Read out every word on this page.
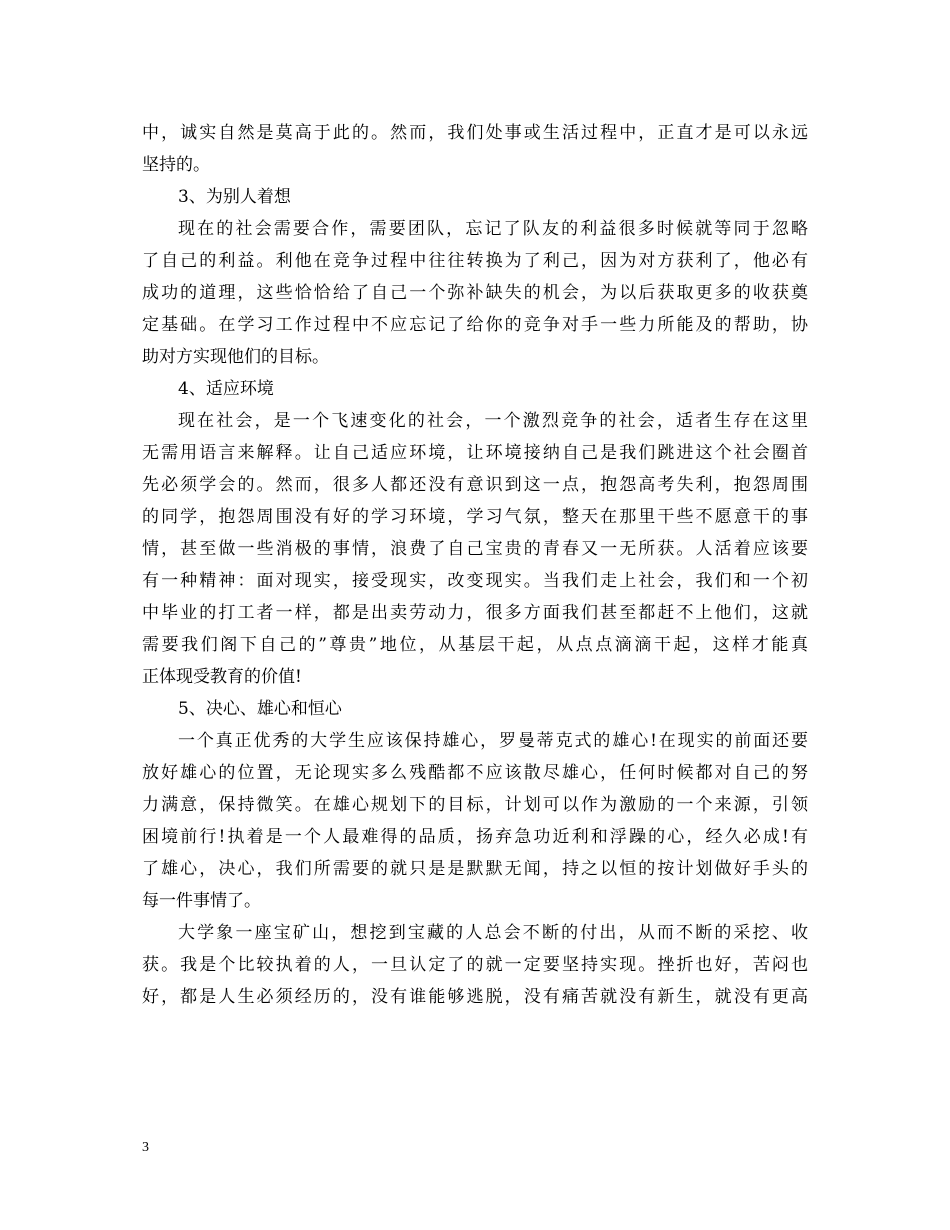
中，诚实自然是莫高于此的。然而，我们处事或生活过程中，正直才是可以永远
坚持的。
3、为别人着想
现在的社会需要合作，需要团队，忘记了队友的利益很多时候就等同于忽略
了自己的利益。利他在竞争过程中往往转换为了利己，因为对方获利了，他必有
成功的道理，这些恰恰给了自己一个弥补缺失的机会，为以后获取更多的收获奠
定基础。在学习工作过程中不应忘记了给你的竞争对手一些力所能及的帮助，协
助对方实现他们的目标。
4、适应环境
现在社会，是一个飞速变化的社会，一个激烈竞争的社会，适者生存在这里
无需用语言来解释。让自己适应环境，让环境接纳自己是我们跳进这个社会圈首
先必须学会的。然而，很多人都还没有意识到这一点，抱怨高考失利，抱怨周围
的同学，抱怨周围没有好的学习环境，学习气氛，整天在那里干些不愿意干的事
情，甚至做一些消极的事情，浪费了自己宝贵的青春又一无所获。人活着应该要
有一种精神：面对现实，接受现实，改变现实。当我们走上社会，我们和一个初
中毕业的打工者一样，都是出卖劳动力，很多方面我们甚至都赶不上他们，这就
需要我们阁下自己的”尊贵”地位，从基层干起，从点点滴滴干起，这样才能真
正体现受教育的价值!
5、决心、雄心和恒心
一个真正优秀的大学生应该保持雄心，罗曼蒂克式的雄心!在现实的前面还要
放好雄心的位置，无论现实多么残酷都不应该散尽雄心，任何时候都对自己的努
力满意，保持微笑。在雄心规划下的目标，计划可以作为激励的一个来源，引领
困境前行!执着是一个人最难得的品质，扬弃急功近利和浮躁的心，经久必成!有
了雄心，决心，我们所需要的就只是是默默无闻，持之以恒的按计划做好手头的
每一件事情了。
大学象一座宝矿山，想挖到宝藏的人总会不断的付出，从而不断的采挖、收
获。我是个比较执着的人，一旦认定了的就一定要坚持实现。挫折也好，苦闷也
好，都是人生必须经历的，没有谁能够逃脱，没有痛苦就没有新生，就没有更高
3
